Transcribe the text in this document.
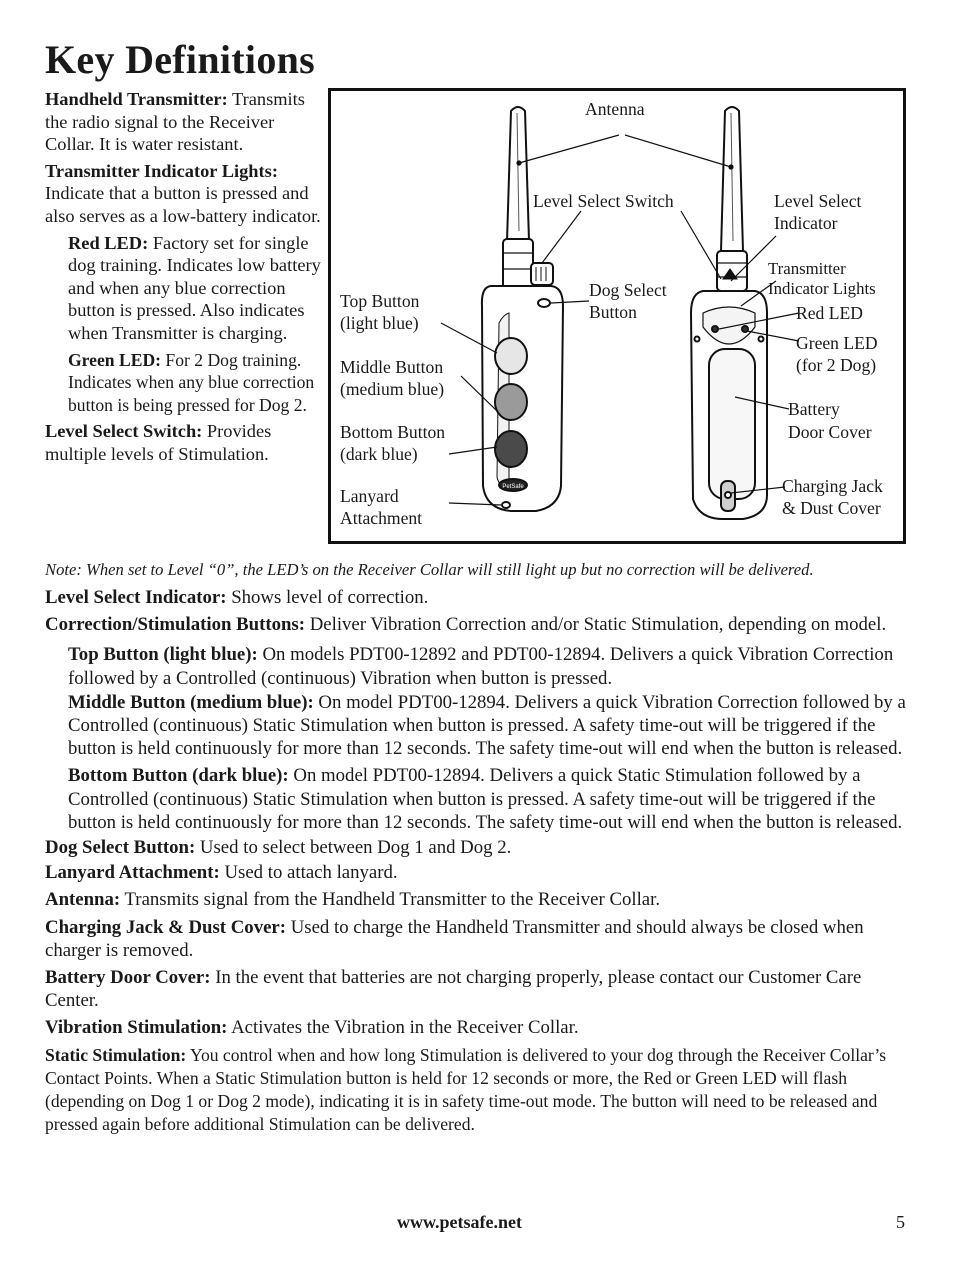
Key Definitions

Handheld Transmitter: Transmits the radio signal to the Receiver Collar. It is water resistant.

Transmitter Indicator Lights: Indicate that a button is pressed and also serves as a low-battery indicator.

Red LED: Factory set for single dog training. Indicates low battery and when any blue correction button is pressed. Also indicates when Transmitter is charging.

Green LED: For 2 Dog training. Indicates when any blue correction button is being pressed for Dog 2.

Level Select Switch: Provides multiple levels of Stimulation.

PetSafe
Antenna
Level Select Switch	Level Select
Indicator
Transmitter
Indicator Lights
Red LED
Green LED
(for 2 Dog)
Dog Select
Button
Top Button
(light blue)
Middle Button
(medium blue)
Bottom Button
(dark blue)
Lanyard
Attachment
Battery
Door Cover
Charging Jack
& Dust Cover

Note: When set to Level “0”, the LED’s on the Receiver Collar will still light up but no correction will be delivered.

Level Select Indicator: Shows level of correction.

Correction/Stimulation Buttons: Deliver Vibration Correction and/or Static Stimulation, depending on model.

Top Button (light blue): On models PDT00-12892 and PDT00-12894. Delivers a quick Vibration Correction followed by a Controlled (continuous) Vibration when button is pressed.

Middle Button (medium blue): On model PDT00-12894. Delivers a quick Vibration Correction followed by a Controlled (continuous) Static Stimulation when button is pressed. A safety time-out will be triggered if the button is held continuously for more than 12 seconds. The safety time-out will end when the button is released.

Bottom Button (dark blue): On model PDT00-12894. Delivers a quick Static Stimulation followed by a Controlled (continuous) Static Stimulation when button is pressed. A safety time-out will be triggered if the button is held continuously for more than 12 seconds. The safety time-out will end when the button is released.

Dog Select Button: Used to select between Dog 1 and Dog 2.

Lanyard Attachment: Used to attach lanyard.

Antenna: Transmits signal from the Handheld Transmitter to the Receiver Collar.

Charging Jack & Dust Cover: Used to charge the Handheld Transmitter and should always be closed when charger is removed.

Battery Door Cover: In the event that batteries are not charging properly, please contact our Customer Care Center.

Vibration Stimulation: Activates the Vibration in the Receiver Collar.

Static Stimulation: You control when and how long Stimulation is delivered to your dog through the Receiver Collar’s Contact Points. When a Static Stimulation button is held for 12 seconds or more, the Red or Green LED will flash (depending on Dog 1 or Dog 2 mode), indicating it is in safety time-out mode. The button will need to be released and pressed again before additional Stimulation can be delivered.

www.petsafe.net	5
